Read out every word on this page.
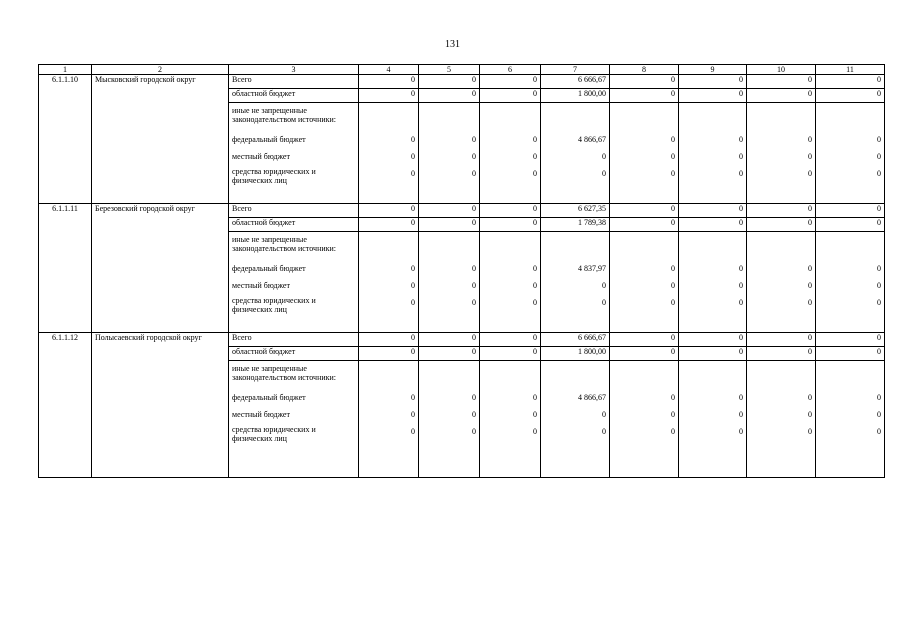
131
1	2	3	4	5	6	7	8	9	10	11
6.1.1.10	Мысковский городской округ	Всего	0	0	0	6 666,67	0	0	0	0
		областной бюджет	0	0	0	1 800,00	0	0	0	0

		иные не запрещенные законодательством источники:								
		федеральный бюджет	0	0	0	4 866,67	0	0	0	0
		местный бюджет	0	0	0	0	0	0	0	0
		средства юридических и физических лиц	0	0	0	0	0	0	0	0
6.1.1.11	Березовский городской округ	Всего	0	0	0	6 627,35	0	0	0	0
		областной бюджет	0	0	0	1 789,38	0	0	0	0

		иные не запрещенные законодательством источники:								
		федеральный бюджет	0	0	0	4 837,97	0	0	0	0
		местный бюджет	0	0	0	0	0	0	0	0
		средства юридических и физических лиц	0	0	0	0	0	0	0	0
6.1.1.12	Полысаевский городской округ	Всего	0	0	0	6 666,67	0	0	0	0
		областной бюджет	0	0	0	1 800,00	0	0	0	0

		иные не запрещенные законодательством источники:								
		федеральный бюджет	0	0	0	4 866,67	0	0	0	0
		местный бюджет	0	0	0	0	0	0	0	0
		средства юридических и физических лиц	0	0	0	0	0	0	0	0
